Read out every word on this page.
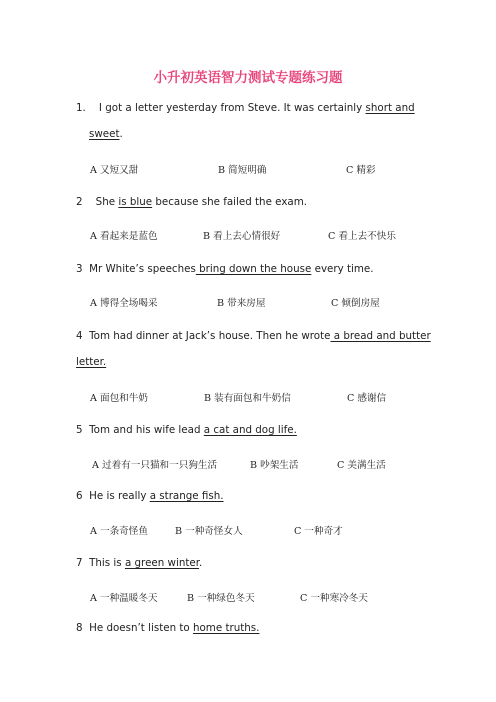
小升初英语智力测试专题练习题
1. I got a letter yesterday from Steve. It was certainly short and
sweet.
A 又短又甜	B 简短明确	C 精彩
2 She is blue because she failed the exam.
A 看起来是蓝色	B 看上去心情很好	C 看上去不快乐
3 Mr White’s speeches bring down the house every time.
A 博得全场喝采	B 带来房屋	C 倾倒房屋
4 Tom had dinner at Jack’s house. Then he wrote a bread and butter
letter.
A 面包和牛奶	B 装有面包和牛奶信	C 感谢信
5 Tom and his wife lead a cat and dog life.
A 过着有一只猫和一只狗生活	B 吵架生活	C 美满生活
6 He is really a strange fish.
A 一条奇怪鱼	B 一种奇怪女人	C 一种奇才
7 This is a green winter.
A 一种温暖冬天	B 一种绿色冬天	C 一种寒冷冬天
8 He doesn’t listen to home truths.
